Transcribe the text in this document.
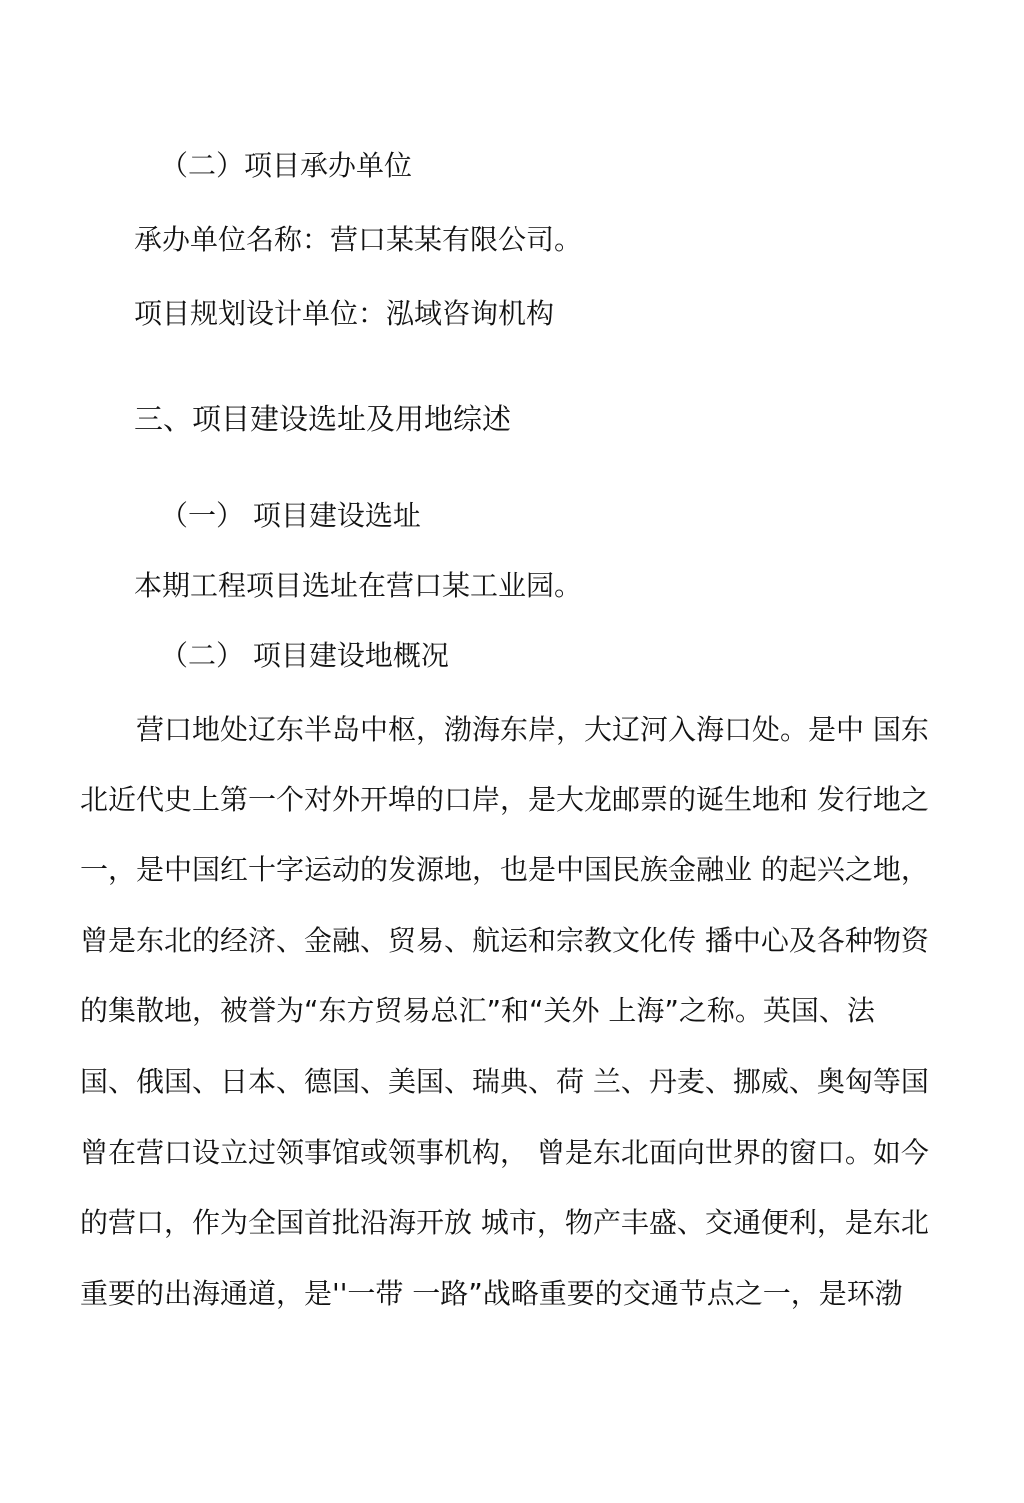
（二）项目承办单位
承办单位名称：营口某某有限公司。
项目规划设计单位：泓域咨询机构
三、项目建设选址及用地综述
（一） 项目建设选址
本期工程项目选址在营口某工业园。
（二） 项目建设地概况
营口地处辽东半岛中枢，渤海东岸，大辽河入海口处。是中 国东
北近代史上第一个对外开埠的口岸，是大龙邮票的诞生地和 发行地之
一，是中国红十字运动的发源地，也是中国民族金融业 的起兴之地，
曾是东北的经济、金融、贸易、航运和宗教文化传 播中心及各种物资
的集散地，被誉为“东方贸易总汇”和“关外 上海”之称。英国、法
国、俄国、日本、德国、美国、瑞典、荷 兰、丹麦、挪威、奥匈等国
曾在营口设立过领事馆或领事机构， 曾是东北面向世界的窗口。如今
的营口，作为全国首批沿海开放 城市，物产丰盛、交通便利，是东北
重要的出海通道，是''一带 一路”战略重要的交通节点之一，是环渤
